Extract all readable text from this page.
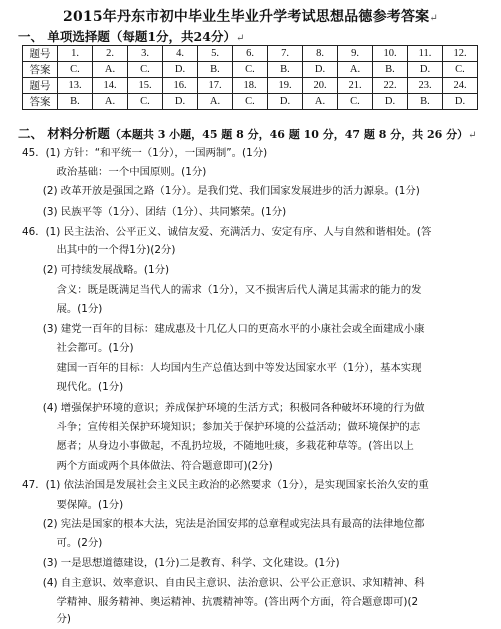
2015年丹东市初中毕业生毕业升学考试思想品德参考答案↵
一、 单项选择题（每题1分，共24分）↵
题号	1.	2.	3.	4.	5.	6.	7.	8.	9.	10.	11.	12.
答案	C.	A.	C.	D.	B.	C.	B.	D.	A.	B.	D.	C.
题号	13.	14.	15.	16.	17.	18.	19.	20.	21.	22.	23.	24.
答案	B.	A.	C.	D.	A.	C.	D.	A.	C.	D.	B.	D.
二、 材料分析题（本题共 3 小题，45 题 8 分，46 题 10 分，47 题 8 分，共 26 分）↵
45．(1) 方针：“和平统一（1分），一国两制”。(1分)
　　　 政治基础：一个中国原则。(1分)
　　(2) 改革开放是强国之路（1分）。是我们党、我们国家发展进步的活力源泉。(1分)
　　(3) 民族平等（1分）、团结（1分）、共同繁荣。(1分)
46．(1) 民主法治、公平正义、诚信友爱、充满活力、安定有序、人与自然和谐相处。(答
　　　 出其中的一个得1分)(2分)
　　(2) 可持续发展战略。(1分)
　　　 含义：既是既满足当代人的需求（1分），又不损害后代人满足其需求的能力的发
　　　 展。(1分)
　　(3) 建党一百年的目标：建成惠及十几亿人口的更高水平的小康社会或全面建成小康
　　　 社会都可。(1分)
　　　 建国一百年的目标：人均国内生产总值达到中等发达国家水平（1分），基本实现
　　　 现代化。(1分)
　　(4) 增强保护环境的意识；养成保护环境的生活方式；积极同各种破坏环境的行为做
　　　 斗争；宣传相关保护环境知识；参加关于保护环境的公益活动；做环境保护的志
　　　 愿者；从身边小事做起，不乱扔垃圾，不随地吐痰，多栽花种草等。(答出以上
　　　 两个方面或两个具体做法、符合题意即可)(2分)
47．(1) 依法治国是发展社会主义民主政治的必然要求（1分），是实现国家长治久安的重
　　　 要保障。(1分)
　　(2) 宪法是国家的根本大法，宪法是治国安邦的总章程或宪法具有最高的法律地位都
　　　 可。(2分)
　　(3) 一是思想道德建设，(1分)二是教育、科学、文化建设。(1分)
　　(4) 自主意识、效率意识、自由民主意识、法治意识、公平公正意识、求知精神、科
　　　 学精神、服务精神、奥运精神、抗震精神等。(答出两个方面，符合题意即可)(2
　　　 分)
